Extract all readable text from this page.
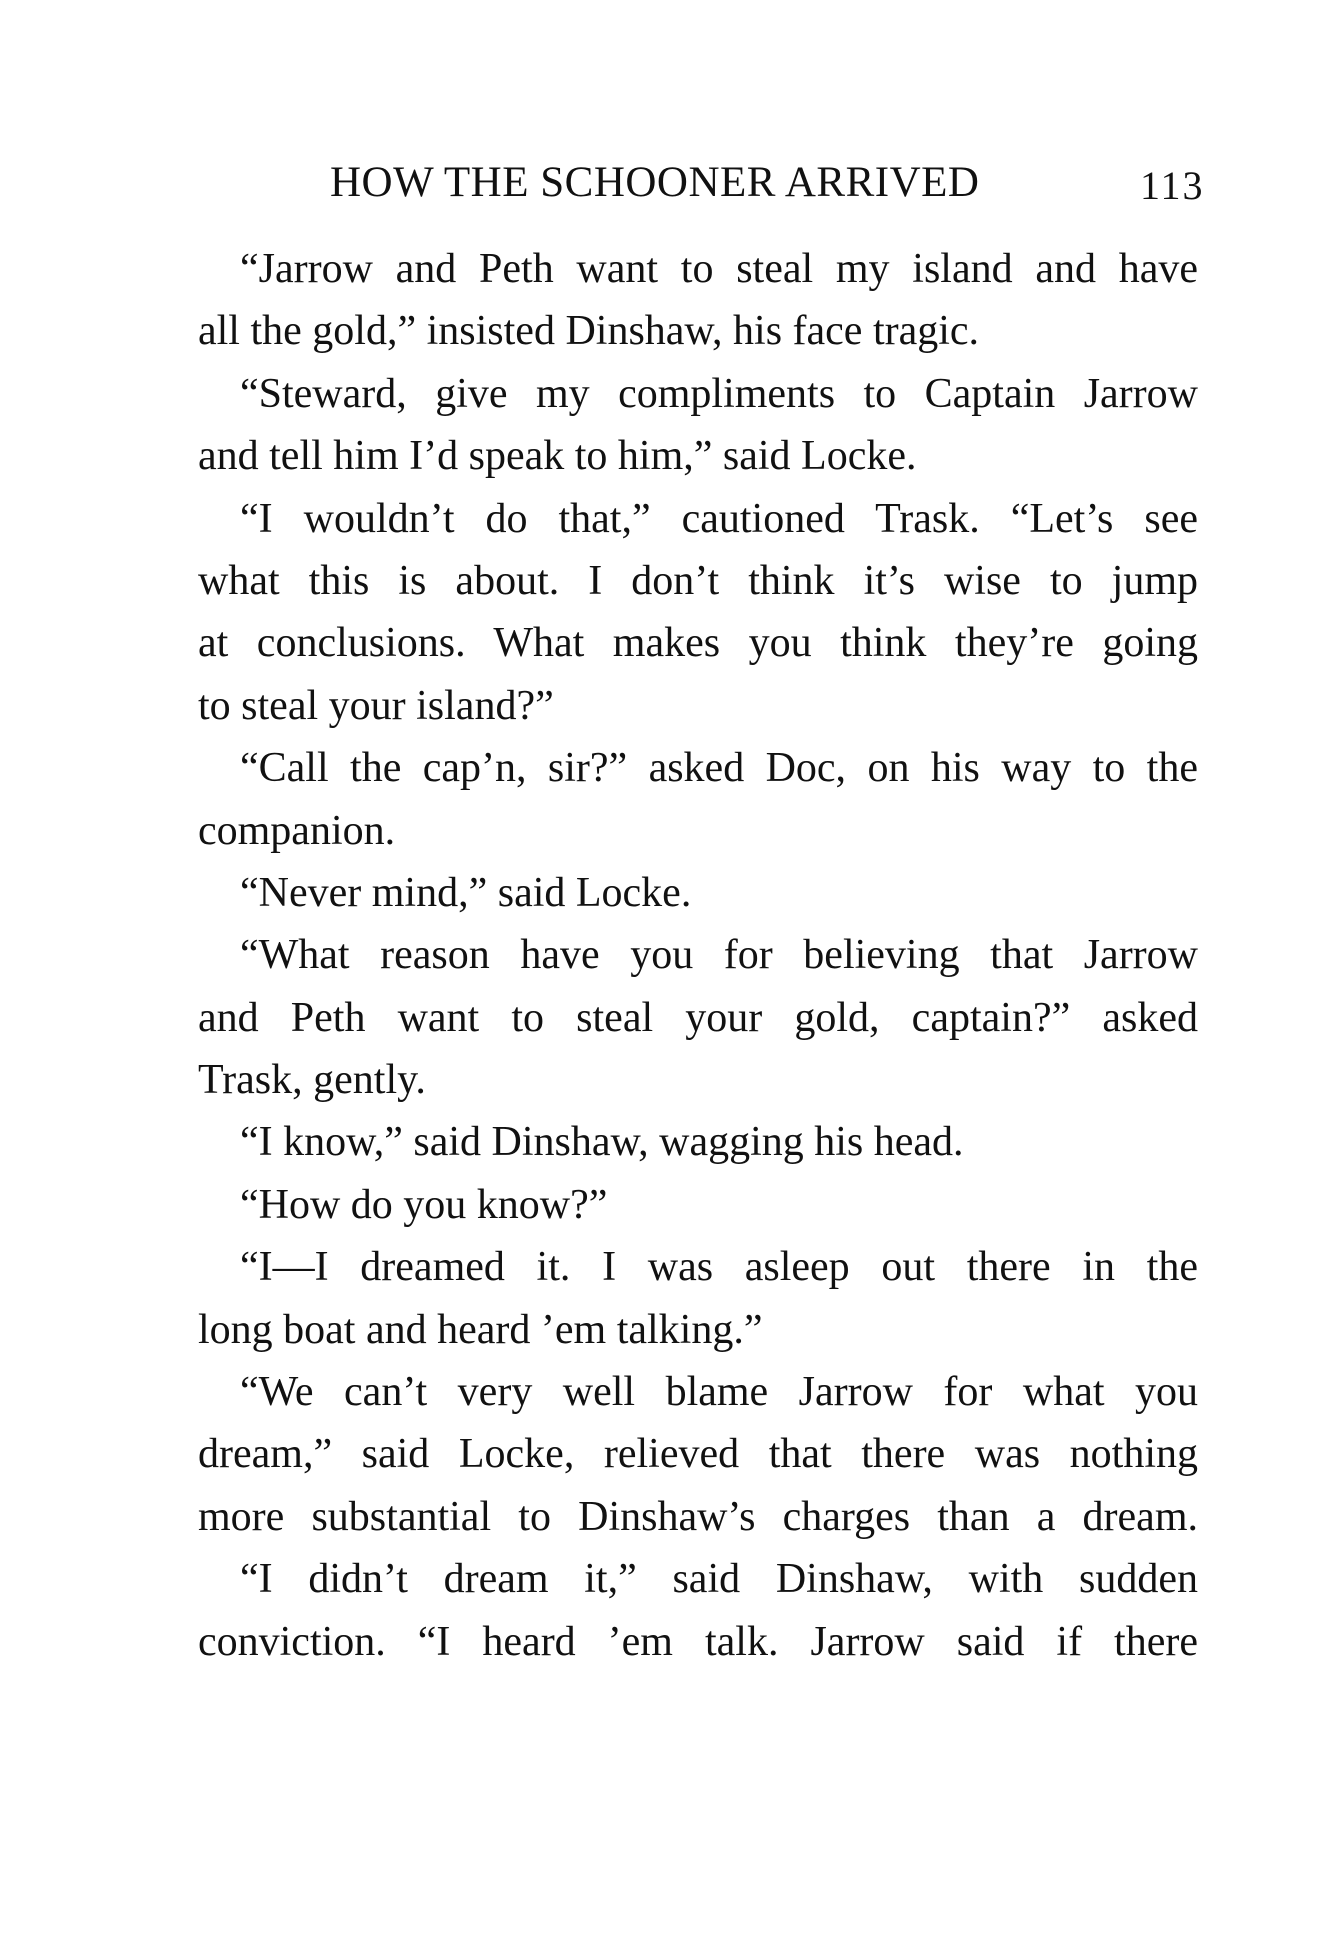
HOW THE SCHOONER ARRIVED	113
“Jarrow and Peth want to steal my island and have
all the gold,” insisted Dinshaw, his face tragic.
“Steward, give my compliments to Captain Jarrow
and tell him I’d speak to him,” said Locke.
“I wouldn’t do that,” cautioned Trask. “Let’s see
what this is about. I don’t think it’s wise to jump
at conclusions. What makes you think they’re going
to steal your island?”
“Call the cap’n, sir?” asked Doc, on his way to the
companion.
“Never mind,” said Locke.
“What reason have you for believing that Jarrow
and Peth want to steal your gold, captain?” asked
Trask, gently.
“I know,” said Dinshaw, wagging his head.
“How do you know?”
“I—I dreamed it. I was asleep out there in the
long boat and heard ’em talking.”
“We can’t very well blame Jarrow for what you
dream,” said Locke, relieved that there was nothing
more substantial to Dinshaw’s charges than a dream.
“I didn’t dream it,” said Dinshaw, with sudden
conviction. “I heard ’em talk. Jarrow said if there
